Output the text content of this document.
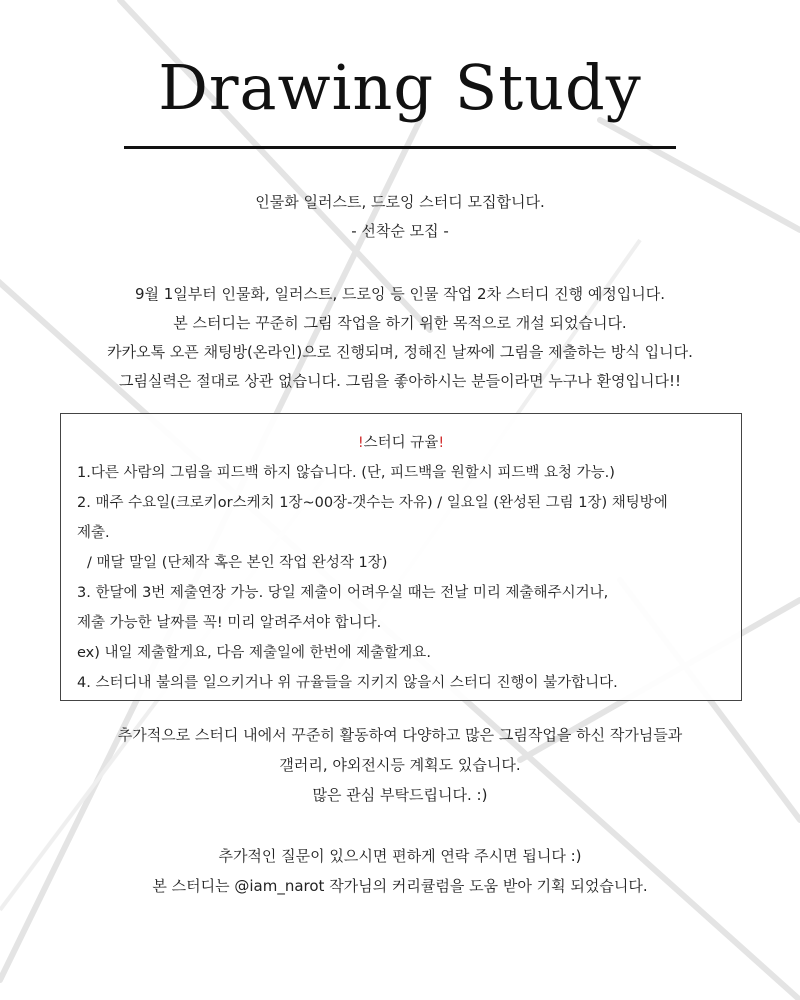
Drawing Study
인물화 일러스트, 드로잉 스터디 모집합니다.
- 선착순 모집 -
9월 1일부터 인물화, 일러스트, 드로잉 등 인물 작업 2차 스터디 진행 예정입니다.
본 스터디는 꾸준히 그림 작업을 하기 위한 목적으로 개설 되었습니다.
카카오톡 오픈 채팅방(온라인)으로 진행되며, 정해진 날짜에 그림을 제출하는 방식 입니다.
그림실력은 절대로 상관 없습니다. 그림을 좋아하시는 분들이라면 누구나 환영입니다!!
!스터디 규율!
1.다른 사람의 그림을 피드백 하지 않습니다. (단, 피드백을 원할시 피드백 요청 가능.)
2. 매주 수요일(크로키or스케치 1장~00장-갯수는 자유) / 일요일 (완성된 그림 1장) 채팅방에
제출.
/ 매달 말일 (단체작 혹은 본인 작업 완성작 1장)
3. 한달에 3번 제출연장 가능. 당일 제출이 어려우실 때는 전날 미리 제출해주시거나,
제출 가능한 날짜를 꼭! 미리 알려주셔야 합니다.
ex) 내일 제출할게요, 다음 제출일에 한번에 제출할게요.
4. 스터디내 불의를 일으키거나 위 규율들을 지키지 않을시 스터디 진행이 불가합니다.
추가적으로 스터디 내에서 꾸준히 활동하여 다양하고 많은 그림작업을 하신 작가님들과
갤러리, 야외전시등 계획도 있습니다.
많은 관심 부탁드립니다. :)
추가적인 질문이 있으시면 편하게 연락 주시면 됩니다 :)
본 스터디는 @iam_narot 작가님의 커리큘럼을 도움 받아 기획 되었습니다.
